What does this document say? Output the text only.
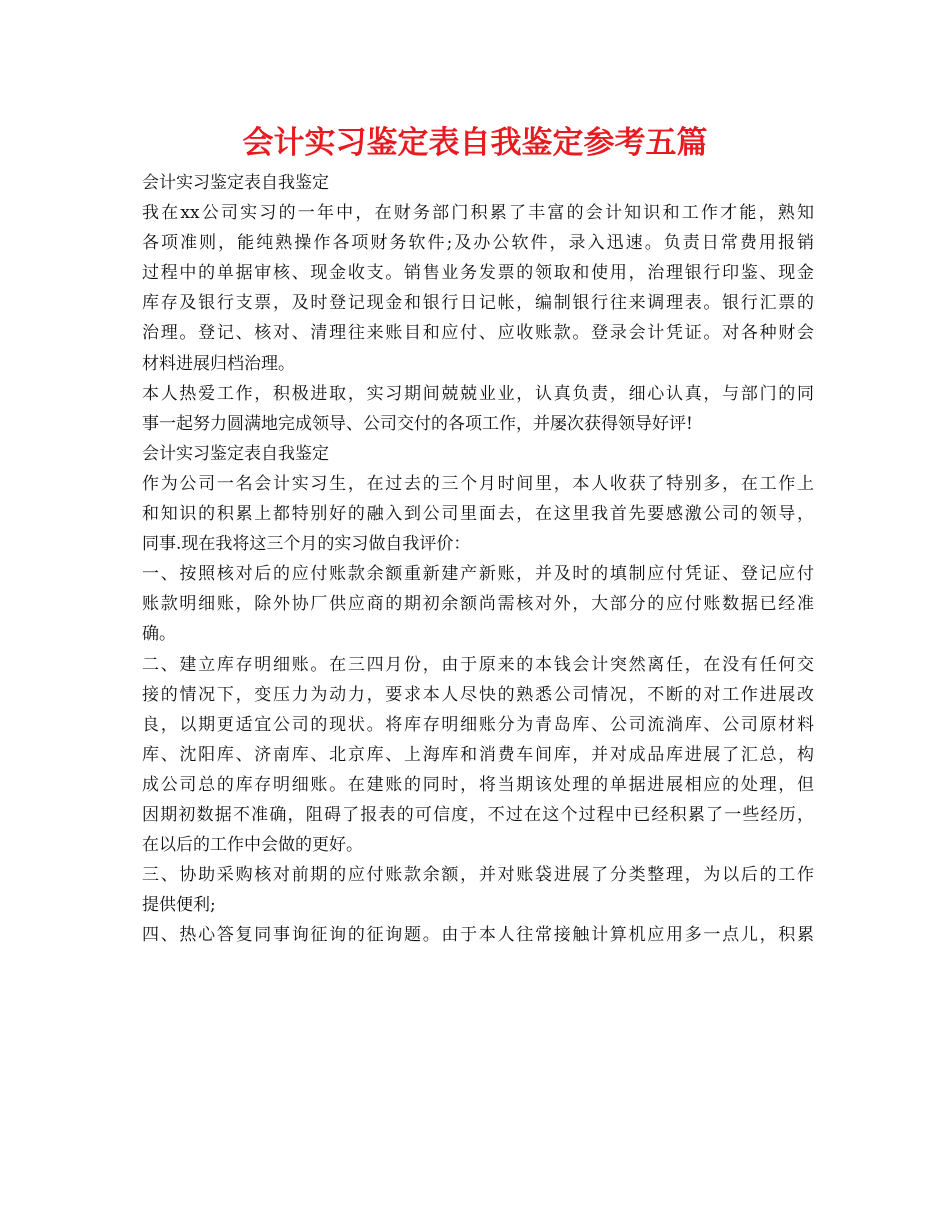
会计实习鉴定表自我鉴定参考五篇
会计实习鉴定表自我鉴定
我在xx公司实习的一年中，在财务部门积累了丰富的会计知识和工作才能，熟知
各项准则，能纯熟操作各项财务软件;及办公软件，录入迅速。负责日常费用报销
过程中的单据审核、现金收支。销售业务发票的领取和使用，治理银行印鉴、现金
库存及银行支票，及时登记现金和银行日记帐，编制银行往来调理表。银行汇票的
治理。登记、核对、清理往来账目和应付、应收账款。登录会计凭证。对各种财会
材料进展归档治理。
本人热爱工作，积极进取，实习期间兢兢业业，认真负责，细心认真，与部门的同
事一起努力圆满地完成领导、公司交付的各项工作，并屡次获得领导好评!
会计实习鉴定表自我鉴定
作为公司一名会计实习生，在过去的三个月时间里，本人收获了特别多，在工作上
和知识的积累上都特别好的融入到公司里面去，在这里我首先要感激公司的领导，
同事.现在我将这三个月的实习做自我评价：
一、按照核对后的应付账款余额重新建产新账，并及时的填制应付凭证、登记应付
账款明细账，除外协厂供应商的期初余额尚需核对外，大部分的应付账数据已经准
确。
二、建立库存明细账。在三四月份，由于原来的本钱会计突然离任，在没有任何交
接的情况下，变压力为动力，要求本人尽快的熟悉公司情况，不断的对工作进展改
良，以期更适宜公司的现状。将库存明细账分为青岛库、公司流淌库、公司原材料
库、沈阳库、济南库、北京库、上海库和消费车间库，并对成品库进展了汇总，构
成公司总的库存明细账。在建账的同时，将当期该处理的单据进展相应的处理，但
因期初数据不准确，阻碍了报表的可信度，不过在这个过程中已经积累了一些经历，
在以后的工作中会做的更好。
三、协助采购核对前期的应付账款余额，并对账袋进展了分类整理，为以后的工作
提供便利;
四、热心答复同事询征询的征询题。由于本人往常接触计算机应用多一点儿，积累
